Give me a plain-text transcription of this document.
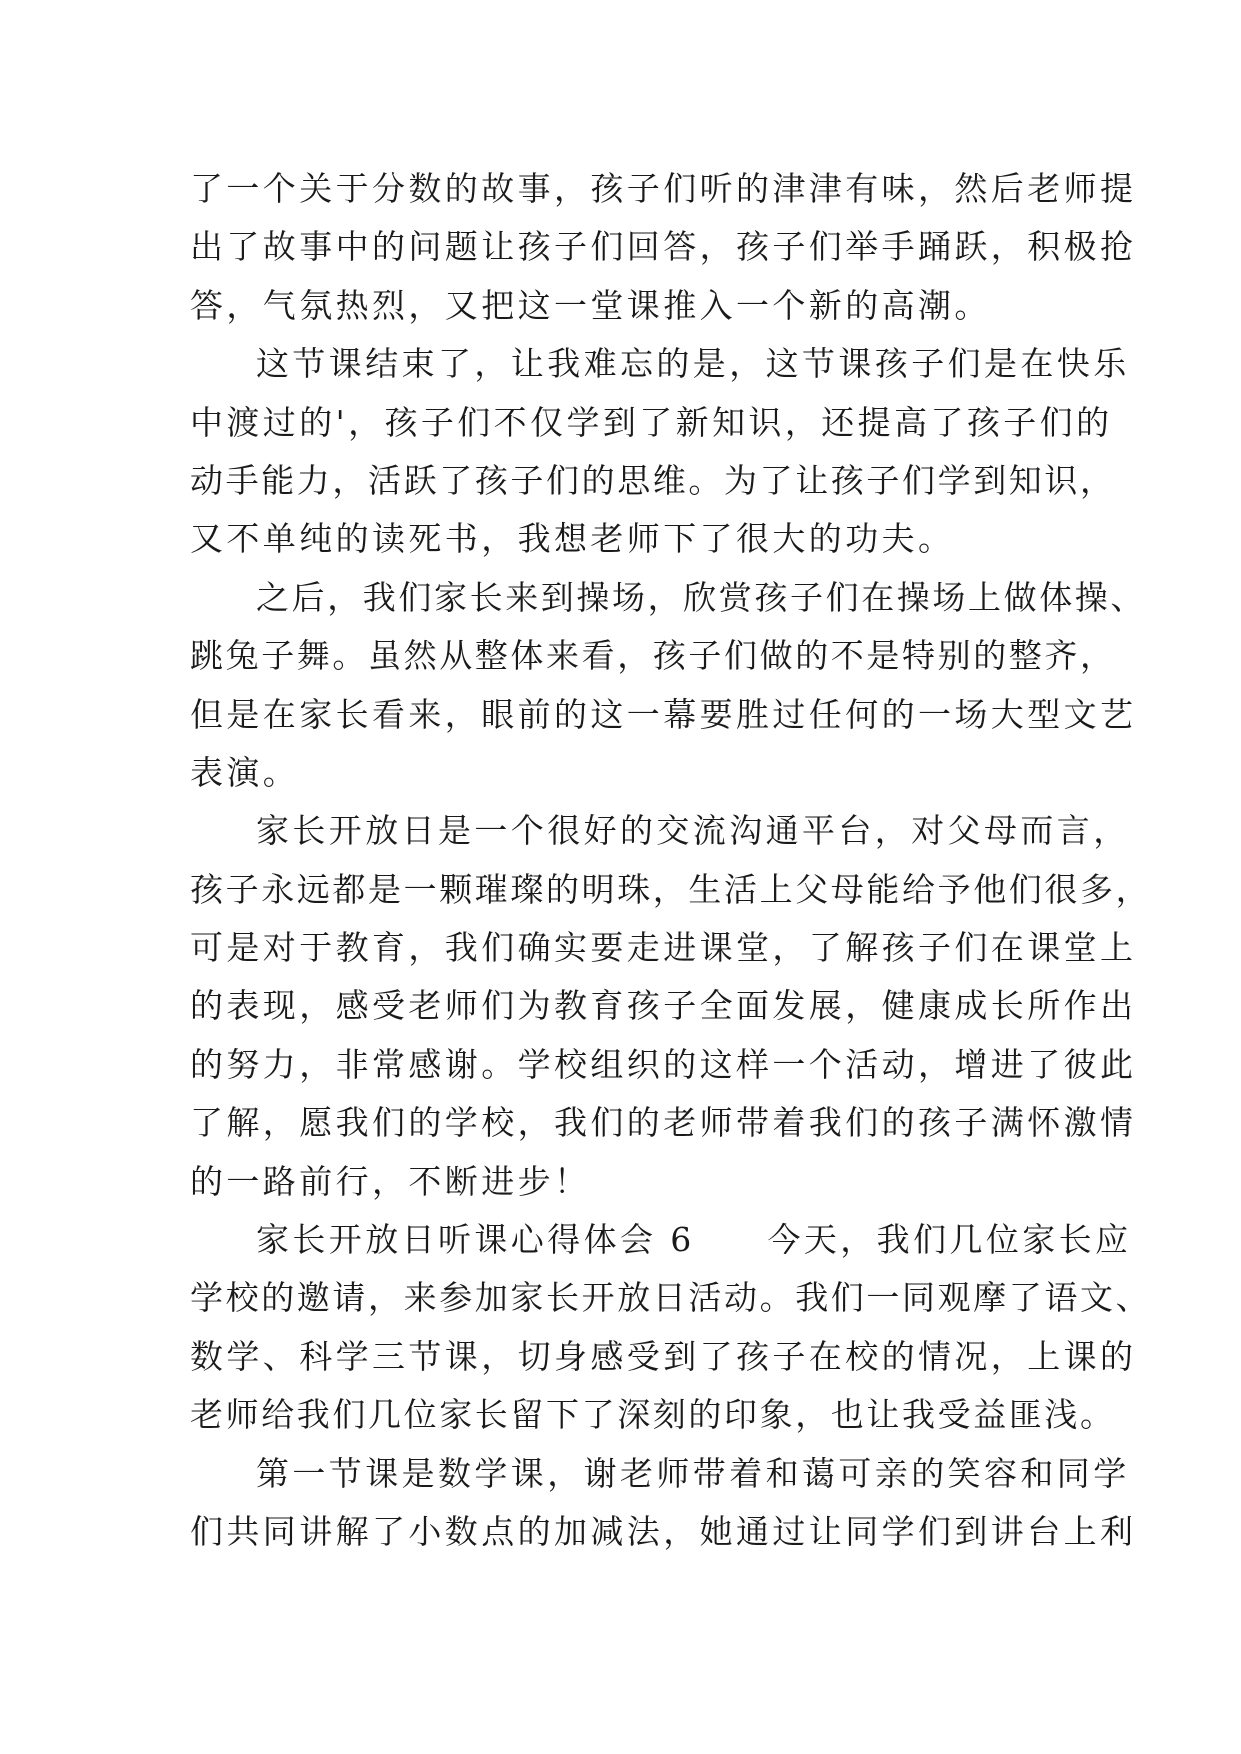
了一个关于分数的故事，孩子们听的津津有味，然后老师提
出了故事中的问题让孩子们回答，孩子们举手踊跃，积极抢
答，气氛热烈，又把这一堂课推入一个新的高潮。
这节课结束了，让我难忘的是，这节课孩子们是在快乐
中渡过的'，孩子们不仅学到了新知识，还提高了孩子们的
动手能力，活跃了孩子们的思维。为了让孩子们学到知识，
又不单纯的读死书，我想老师下了很大的功夫。
之后，我们家长来到操场，欣赏孩子们在操场上做体操、
跳兔子舞。虽然从整体来看，孩子们做的不是特别的整齐，
但是在家长看来，眼前的这一幕要胜过任何的一场大型文艺
表演。
家长开放日是一个很好的交流沟通平台，对父母而言，
孩子永远都是一颗璀璨的明珠，生活上父母能给予他们很多，
可是对于教育，我们确实要走进课堂，了解孩子们在课堂上
的表现，感受老师们为教育孩子全面发展，健康成长所作出
的努力，非常感谢。学校组织的这样一个活动，增进了彼此
了解，愿我们的学校，我们的老师带着我们的孩子满怀激情
的一路前行，不断进步！
家长开放日听课心得体会 6　　今天，我们几位家长应
学校的邀请，来参加家长开放日活动。我们一同观摩了语文、
数学、科学三节课，切身感受到了孩子在校的情况，上课的
老师给我们几位家长留下了深刻的印象，也让我受益匪浅。
第一节课是数学课，谢老师带着和蔼可亲的笑容和同学
们共同讲解了小数点的加减法，她通过让同学们到讲台上利
